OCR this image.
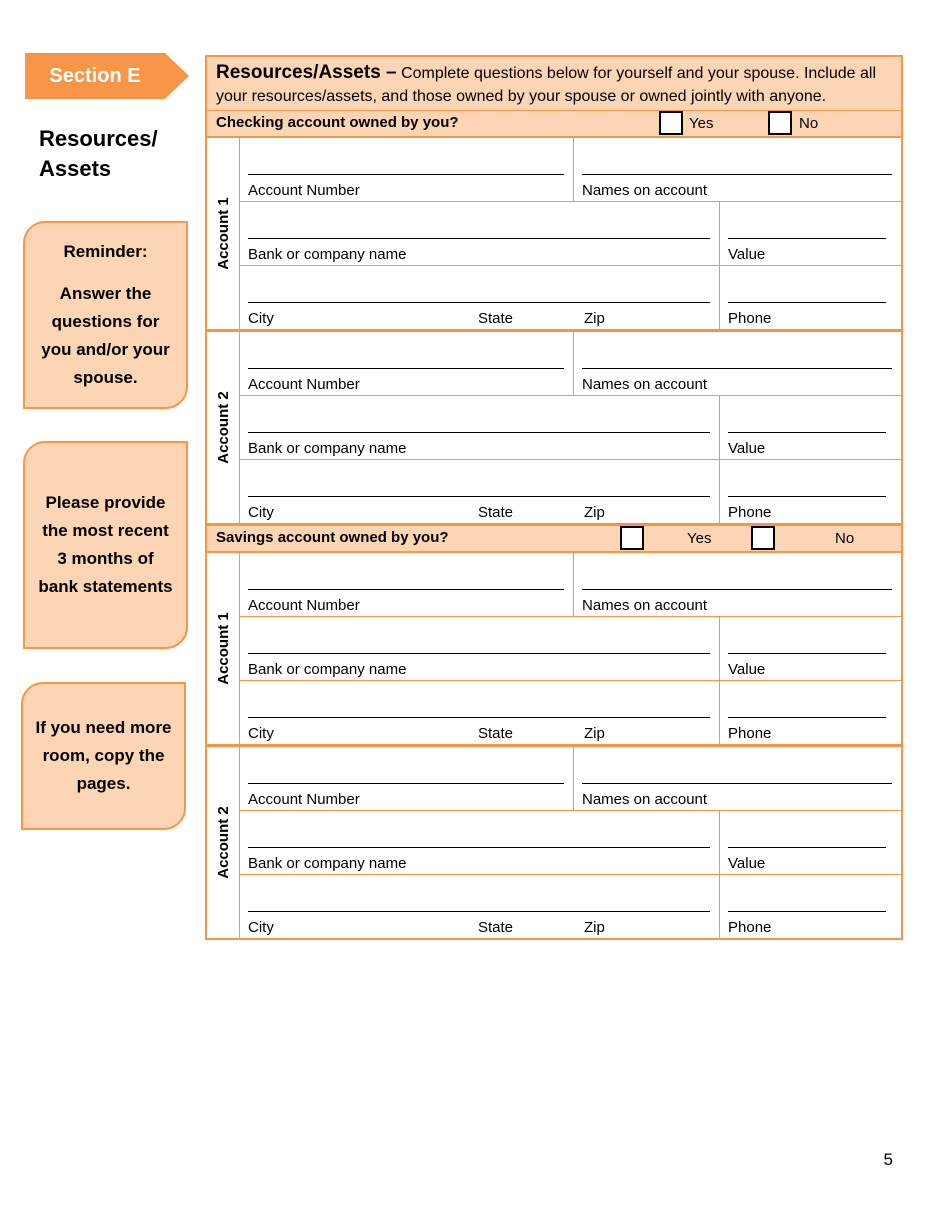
Section E
Resources/ Assets

Reminder:

Answer the questions for you and/or your spouse.

Please provide the most recent 3 months of bank statements

If you need more room, copy the pages.

Resources/Assets – Complete questions below for yourself and your spouse. Include all your resources/assets, and those owned by your spouse or owned jointly with anyone.
Checking account owned by you?	Yes	No
Account 1
Account Number	Names on account
Bank or company name	Value
City	State	Zip	Phone
Account 2
Account Number	Names on account
Bank or company name	Value
City	State	Zip	Phone
Savings account owned by you?	Yes	No
Account 1
Account Number	Names on account
Bank or company name	Value
City	State	Zip	Phone
Account 2
Account Number	Names on account
Bank or company name	Value
City	State	Zip	Phone
5
